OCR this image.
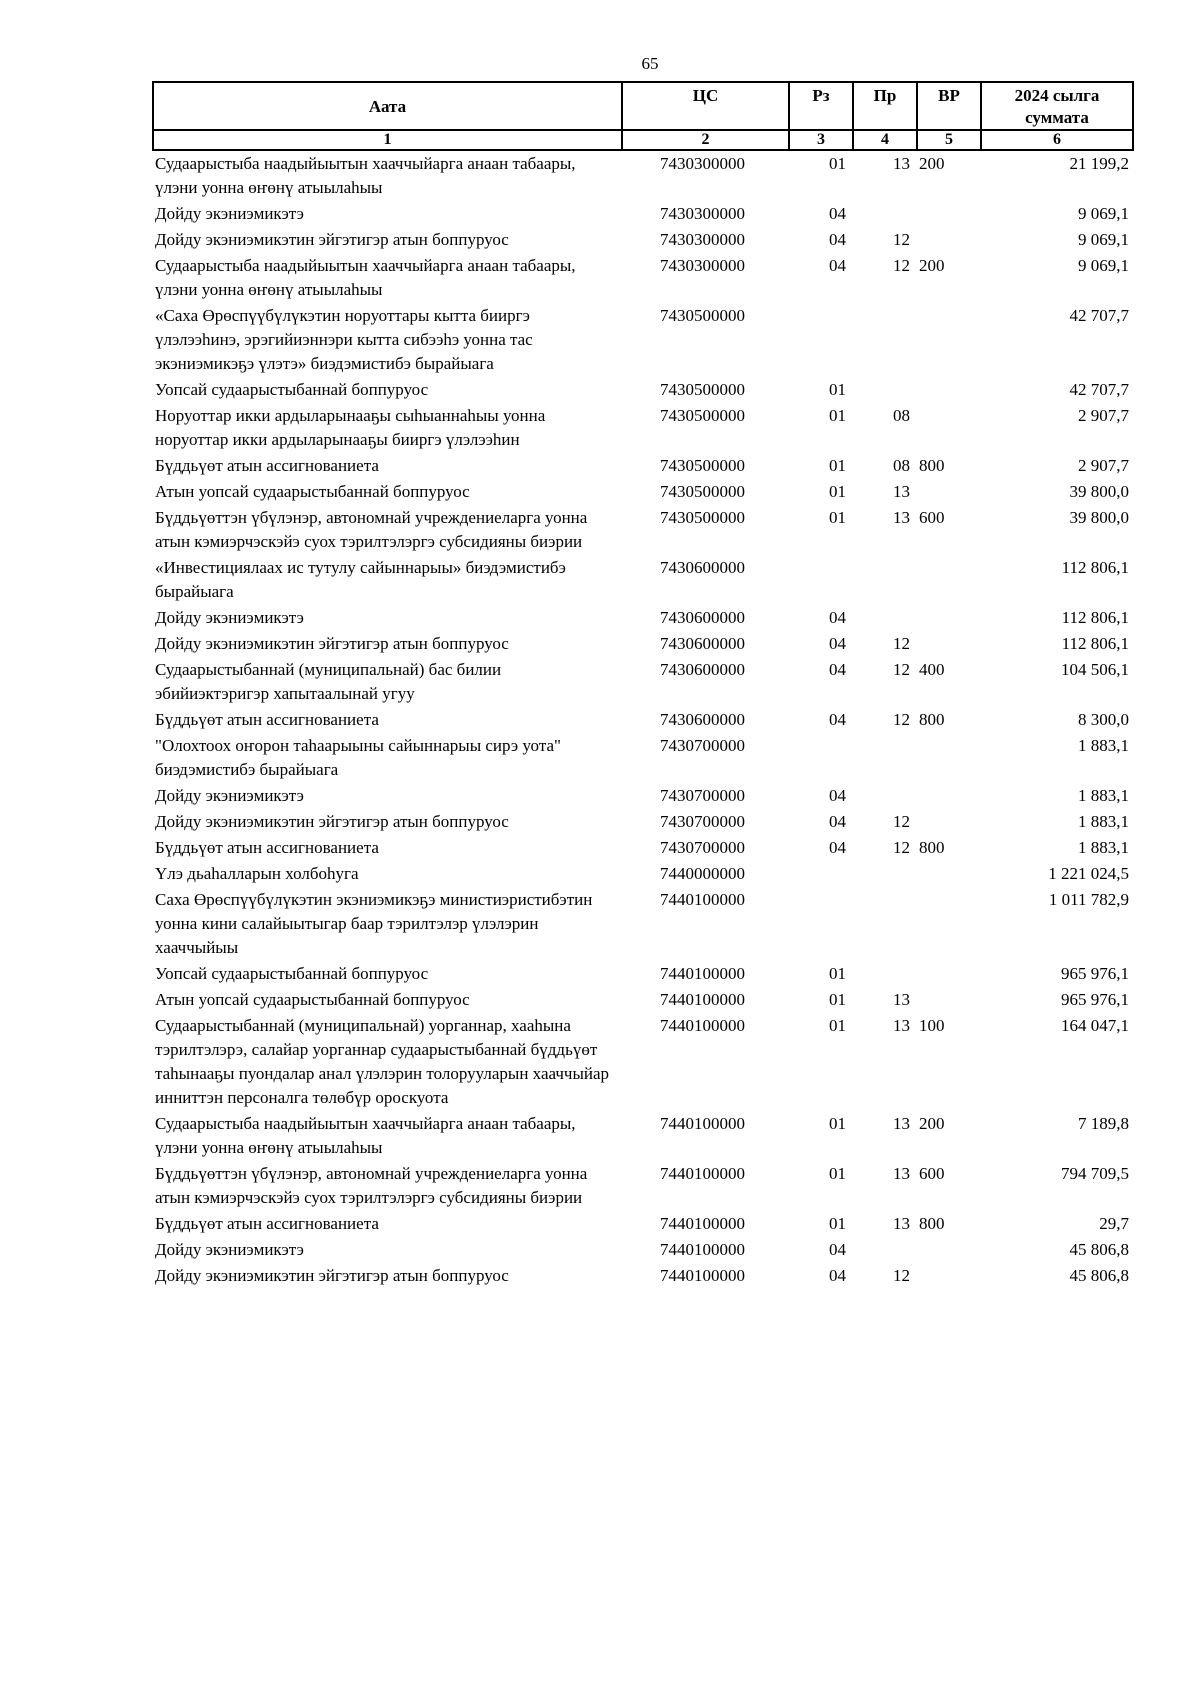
65
Аата	ЦС	Рз	Пр	ВР	2024 сылга
суммата

1	2	3	4	5	6
Судаарыстыба наадыйыытын хааччыйарга анаан табаары, үлэни уонна өҥөнү атыылаһыы	7430300000	01	13	200	21 199,2
Дойду экэниэмикэтэ	7430300000	04			9 069,1
Дойду экэниэмикэтин эйгэтигэр атын боппуруос	7430300000	04	12		9 069,1
Судаарыстыба наадыйыытын хааччыйарга анаан табаары, үлэни уонна өҥөнү атыылаһыы	7430300000	04	12	200	9 069,1
«Саха Өрөспүүбүлүкэтин норуоттары кытта бииргэ үлэлээһинэ, эрэгийиэннэри кытта сибээһэ уонна тас экэниэмикэҕэ үлэтэ» биэдэмистибэ бырайыага	7430500000				42 707,7
Уопсай судаарыстыбаннай боппуруос	7430500000	01			42 707,7
Норуоттар икки ардыларынааҕы сыһыаннаһыы уонна норуоттар икки ардыларынааҕы бииргэ үлэлээһин	7430500000	01	08		2 907,7
Бүддьүөт атын ассигнованиета	7430500000	01	08	800	2 907,7
Атын уопсай судаарыстыбаннай боппуруос	7430500000	01	13		39 800,0
Бүддьүөттэн үбүлэнэр, автономнай учреждениеларга уонна атын кэмиэрчэскэйэ суох тэрилтэлэргэ субсидияны биэрии	7430500000	01	13	600	39 800,0
«Инвестициялаах ис тутулу сайыннарыы» биэдэмистибэ бырайыага	7430600000				112 806,1
Дойду экэниэмикэтэ	7430600000	04			112 806,1
Дойду экэниэмикэтин эйгэтигэр атын боппуруос	7430600000	04	12		112 806,1
Судаарыстыбаннай (муниципальнай) бас билии эбийиэктэригэр хапытаалынай угуу	7430600000	04	12	400	104 506,1
Бүддьүөт атын ассигнованиета	7430600000	04	12	800	8 300,0
"Олохтоох оҥорон таһаарыыны сайыннарыы сирэ уота" биэдэмистибэ бырайыага	7430700000				1 883,1
Дойду экэниэмикэтэ	7430700000	04			1 883,1
Дойду экэниэмикэтин эйгэтигэр атын боппуруос	7430700000	04	12		1 883,1
Бүддьүөт атын ассигнованиета	7430700000	04	12	800	1 883,1
Үлэ дьаһалларын холбоһуга	7440000000				1 221 024,5
Саха Өрөспүүбүлүкэтин экэниэмикэҕэ министиэристибэтин уонна кини салайыытыгар баар тэрилтэлэр үлэлэрин хааччыйыы	7440100000				1 011 782,9
Уопсай судаарыстыбаннай боппуруос	7440100000	01			965 976,1
Атын уопсай судаарыстыбаннай боппуруос	7440100000	01	13		965 976,1
Судаарыстыбаннай (муниципальнай) уорганнар, хааһына тэрилтэлэрэ, салайар уорганнар судаарыстыбаннай бүддьүөт таһынааҕы пуондалар анал үлэлэрин толорууларын хааччыйар инниттэн персоналга төлөбүр ороскуота	7440100000	01	13	100	164 047,1
Судаарыстыба наадыйыытын хааччыйарга анаан табаары, үлэни уонна өҥөнү атыылаһыы	7440100000	01	13	200	7 189,8
Бүддьүөттэн үбүлэнэр, автономнай учреждениеларга уонна атын кэмиэрчэскэйэ суох тэрилтэлэргэ субсидияны биэрии	7440100000	01	13	600	794 709,5
Бүддьүөт атын ассигнованиета	7440100000	01	13	800	29,7
Дойду экэниэмикэтэ	7440100000	04			45 806,8
Дойду экэниэмикэтин эйгэтигэр атын боппуруос	7440100000	04	12		45 806,8
